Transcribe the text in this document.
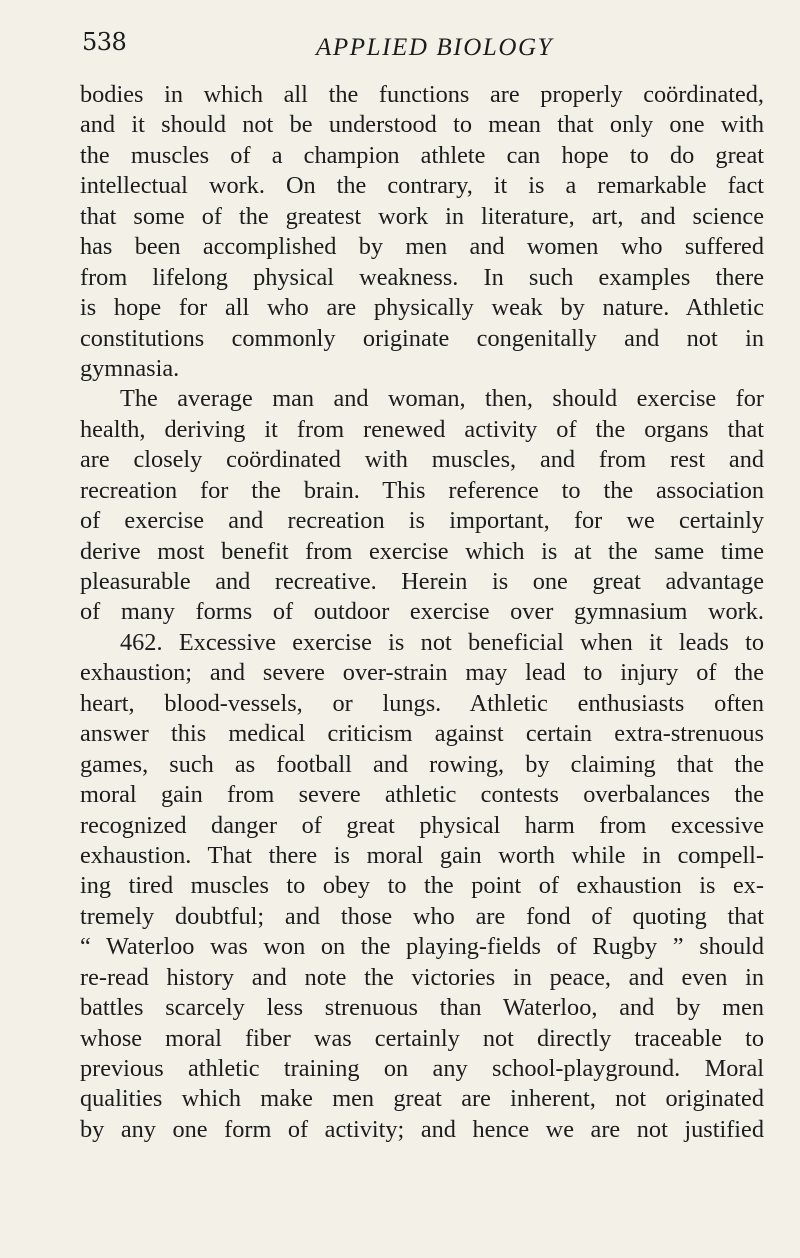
538	APPLIED BIOLOGY
bodies in which all the functions are properly coördinated,
and it should not be understood to mean that only one with
the muscles of a champion athlete can hope to do great
intellectual work. On the contrary, it is a remarkable fact
that some of the greatest work in literature, art, and science
has been accomplished by men and women who suffered
from lifelong physical weakness. In such examples there
is hope for all who are physically weak by nature. Athletic
constitutions commonly originate congenitally and not in
gymnasia.
The average man and woman, then, should exercise for
health, deriving it from renewed activity of the organs that
are closely coördinated with muscles, and from rest and
recreation for the brain. This reference to the association
of exercise and recreation is important, for we certainly
derive most benefit from exercise which is at the same time
pleasurable and recreative. Herein is one great advantage
of many forms of outdoor exercise over gymnasium work.
462. Excessive exercise is not beneficial when it leads to
exhaustion; and severe over-strain may lead to injury of the
heart, blood-vessels, or lungs. Athletic enthusiasts often
answer this medical criticism against certain extra-strenuous
games, such as football and rowing, by claiming that the
moral gain from severe athletic contests overbalances the
recognized danger of great physical harm from excessive
exhaustion. That there is moral gain worth while in compell-
ing tired muscles to obey to the point of exhaustion is ex-
tremely doubtful; and those who are fond of quoting that
“ Waterloo was won on the playing-fields of Rugby ” should
re-read history and note the victories in peace, and even in
battles scarcely less strenuous than Waterloo, and by men
whose moral fiber was certainly not directly traceable to
previous athletic training on any school-playground. Moral
qualities which make men great are inherent, not originated
by any one form of activity; and hence we are not justified
